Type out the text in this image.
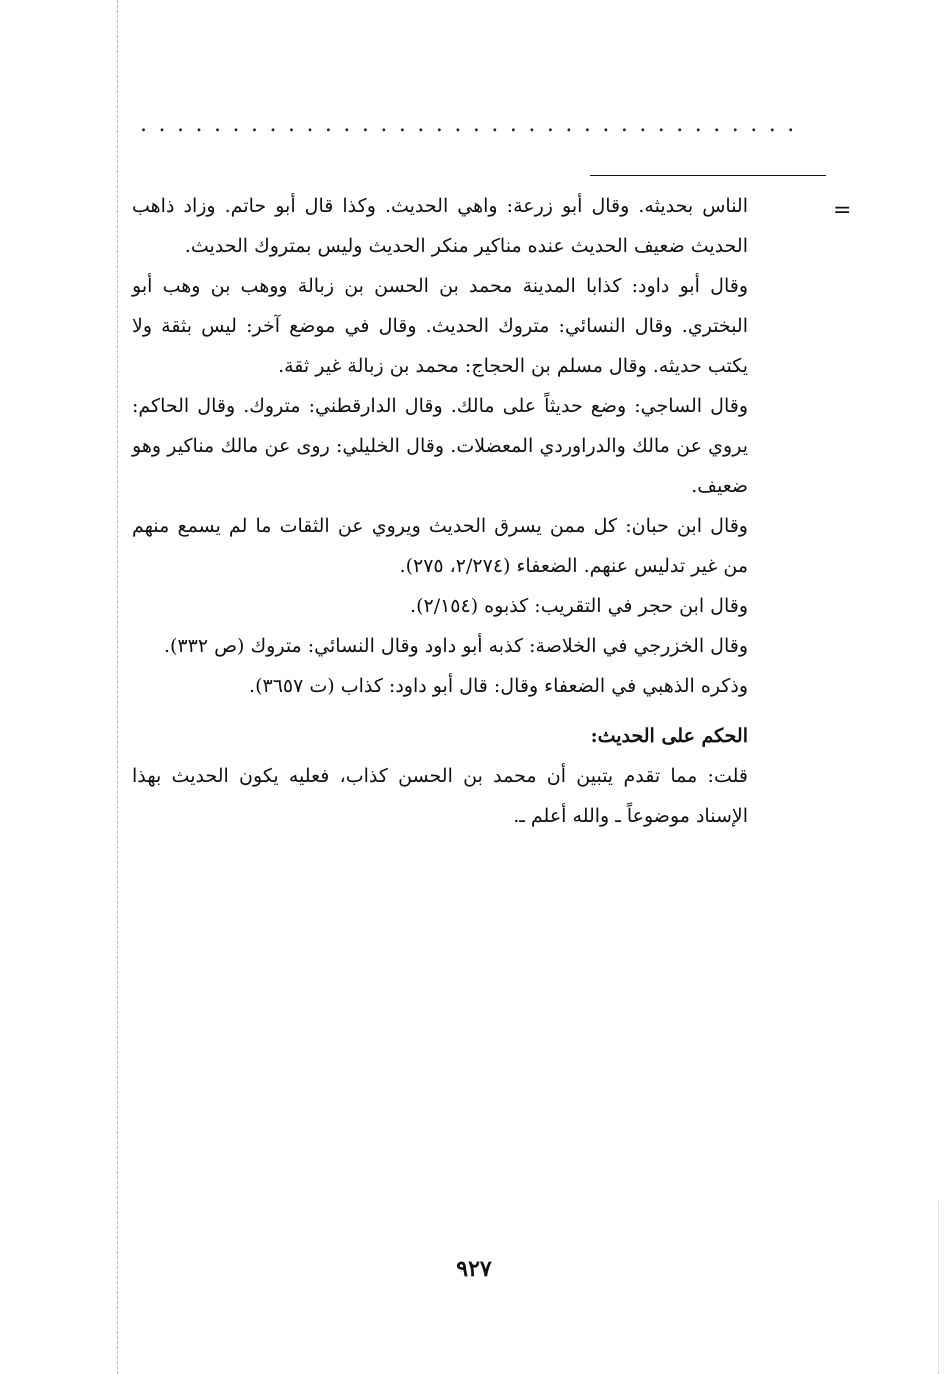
....................................
=

الناس بحديثه. وقال أبو زرعة: واهي الحديث. وكذا قال أبو حاتم. وزاد ذاهب الحديث ضعيف الحديث عنده مناكير منكر الحديث وليس بمتروك الحديث.

وقال أبو داود: كذابا المدينة محمد بن الحسن بن زبالة ووهب بن وهب أبو البختري. وقال النسائي: متروك الحديث. وقال في موضع آخر: ليس بثقة ولا يكتب حديثه. وقال مسلم بن الحجاج: محمد بن زبالة غير ثقة.

وقال الساجي: وضع حديثاً على مالك. وقال الدارقطني: متروك. وقال الحاكم: يروي عن مالك والدراوردي المعضلات. وقال الخليلي: روى عن مالك مناكير وهو ضعيف.

وقال ابن حبان: كل ممن يسرق الحديث ويروي عن الثقات ما لم يسمع منهم من غير تدليس عنهم. الضعفاء (٢/٢٧٤، ٢٧٥).

وقال ابن حجر في التقريب: كذبوه (٢/١٥٤).

وقال الخزرجي في الخلاصة: كذبه أبو داود وقال النسائي: متروك (ص ٣٣٢).

وذكره الذهبي في الضعفاء وقال: قال أبو داود: كذاب (ت ٣٦٥٧).

الحكم على الحديث:

قلت: مما تقدم يتبين أن محمد بن الحسن كذاب، فعليه يكون الحديث بهذا الإسناد موضوعاً ـ والله أعلم ـ.

٩٢٧
